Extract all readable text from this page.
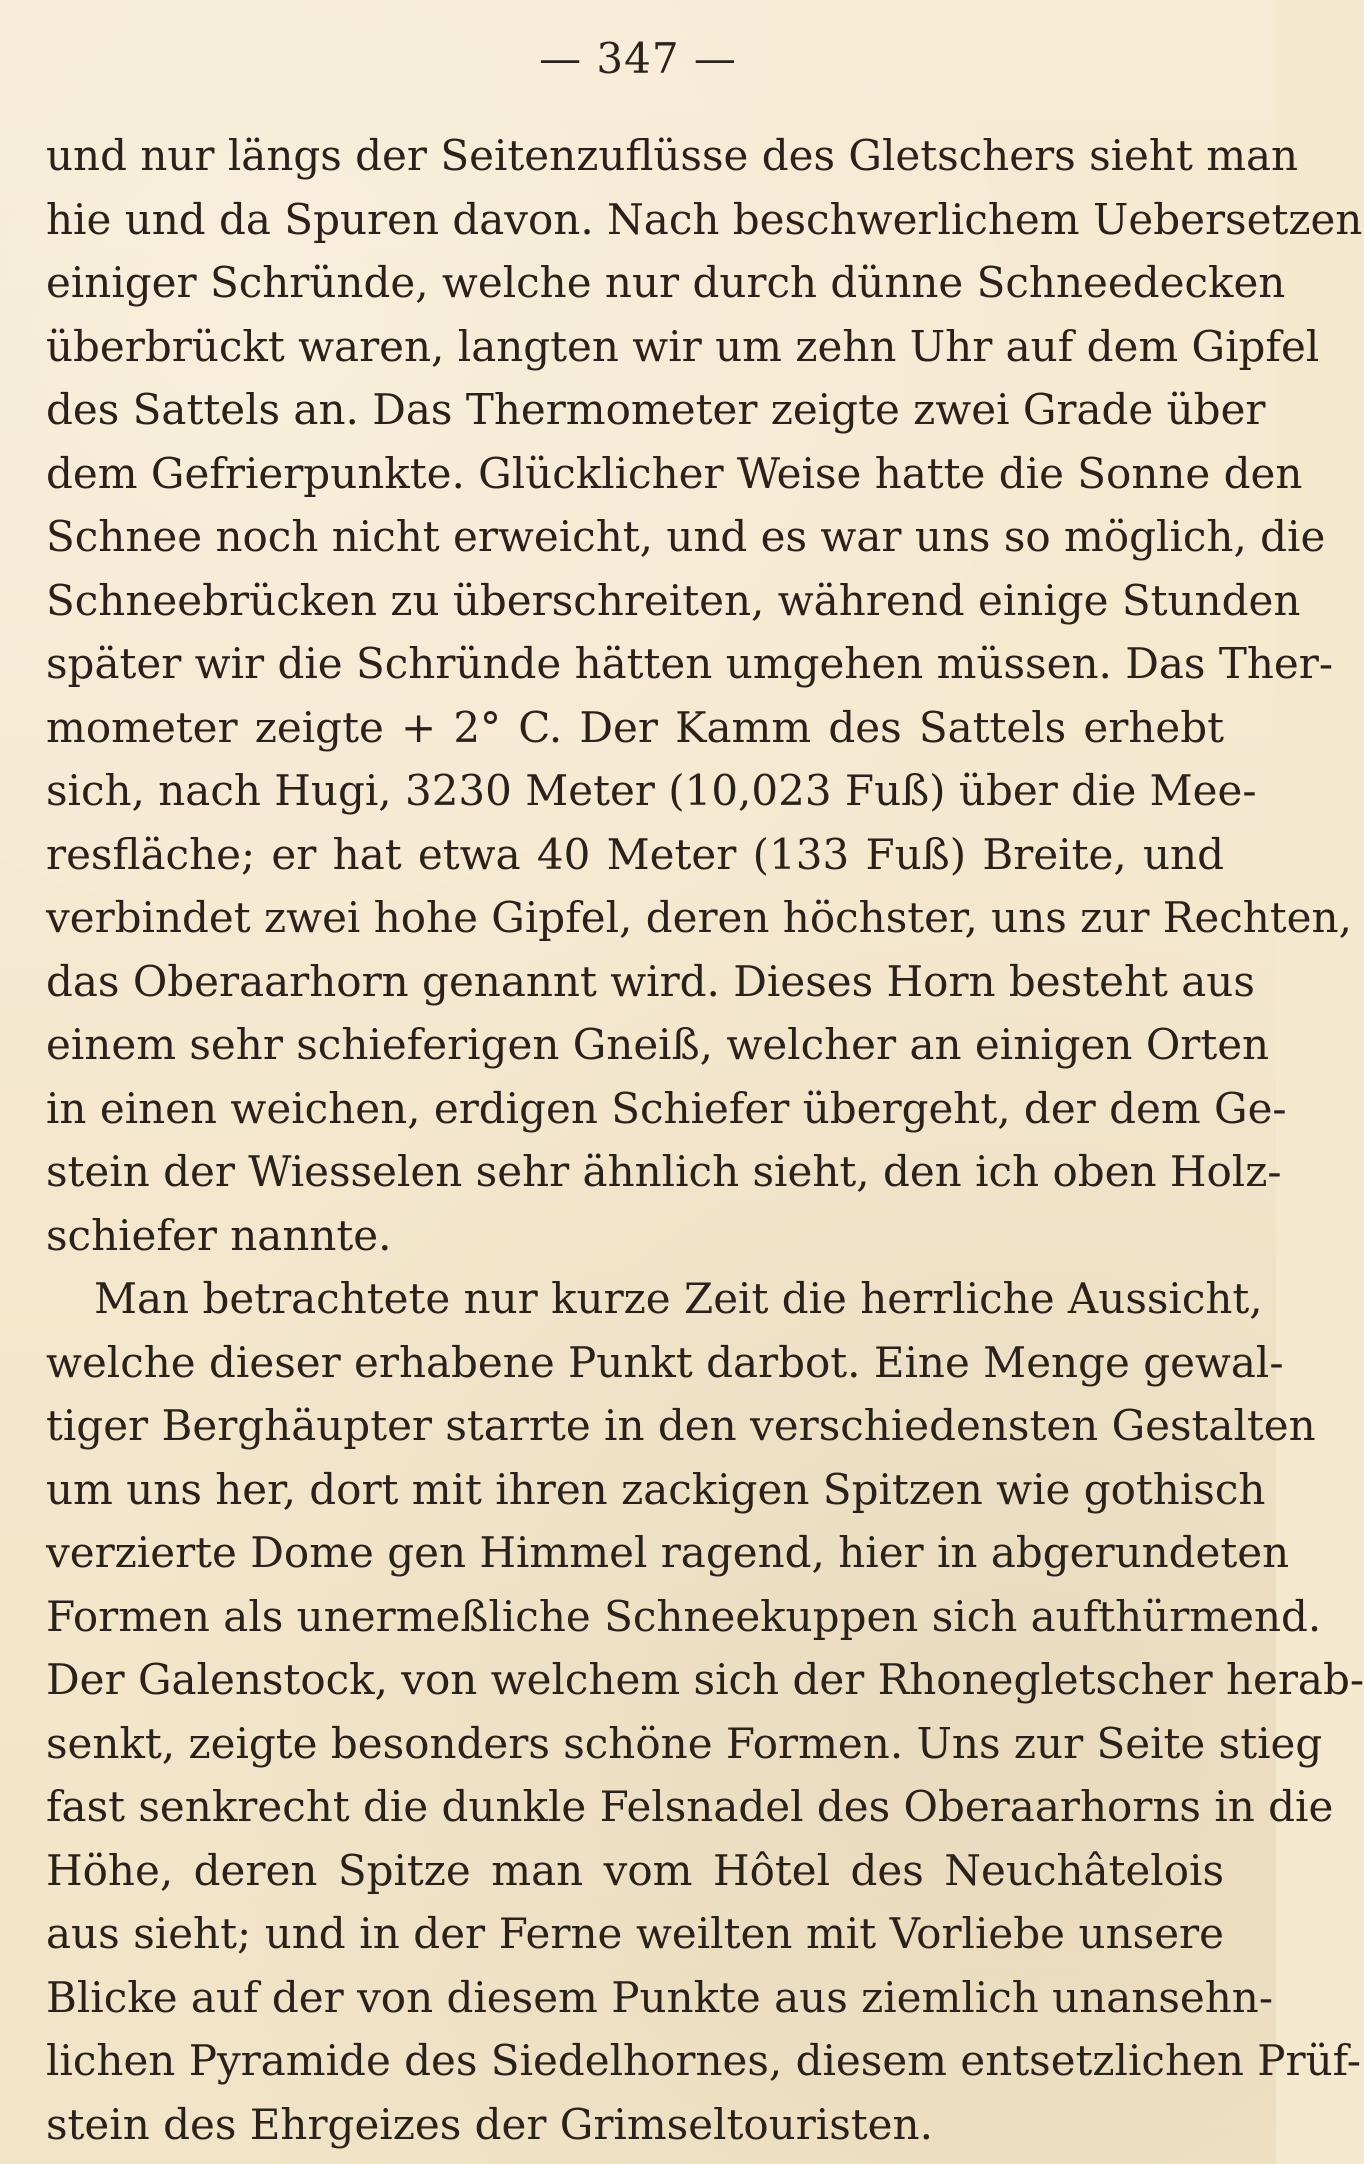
— 347 —
und nur längs der Seitenzuflüsse des Gletschers sieht man
hie und da Spuren davon. Nach beschwerlichem Uebersetzen
einiger Schründe, welche nur durch dünne Schneedecken
überbrückt waren, langten wir um zehn Uhr auf dem Gipfel
des Sattels an. Das Thermometer zeigte zwei Grade über
dem Gefrierpunkte. Glücklicher Weise hatte die Sonne den
Schnee noch nicht erweicht, und es war uns so möglich, die
Schneebrücken zu überschreiten, während einige Stunden
später wir die Schründe hätten umgehen müssen. Das Ther-
mometer zeigte + 2° C. Der Kamm des Sattels erhebt
sich, nach Hugi, 3230 Meter (10,023 Fuß) über die Mee-
resfläche; er hat etwa 40 Meter (133 Fuß) Breite, und
verbindet zwei hohe Gipfel, deren höchster, uns zur Rechten,
das Oberaarhorn genannt wird. Dieses Horn besteht aus
einem sehr schieferigen Gneiß, welcher an einigen Orten
in einen weichen, erdigen Schiefer übergeht, der dem Ge-
stein der Wiesselen sehr ähnlich sieht, den ich oben Holz-
schiefer nannte.
Man betrachtete nur kurze Zeit die herrliche Aussicht,
welche dieser erhabene Punkt darbot. Eine Menge gewal-
tiger Berghäupter starrte in den verschiedensten Gestalten
um uns her, dort mit ihren zackigen Spitzen wie gothisch
verzierte Dome gen Himmel ragend, hier in abgerundeten
Formen als unermeßliche Schneekuppen sich aufthürmend.
Der Galenstock, von welchem sich der Rhonegletscher herab-
senkt, zeigte besonders schöne Formen. Uns zur Seite stieg
fast senkrecht die dunkle Felsnadel des Oberaarhorns in die
Höhe, deren Spitze man vom Hôtel des Neuchâtelois
aus sieht; und in der Ferne weilten mit Vorliebe unsere
Blicke auf der von diesem Punkte aus ziemlich unansehn-
lichen Pyramide des Siedelhornes, diesem entsetzlichen Prüf-
stein des Ehrgeizes der Grimseltouristen.
